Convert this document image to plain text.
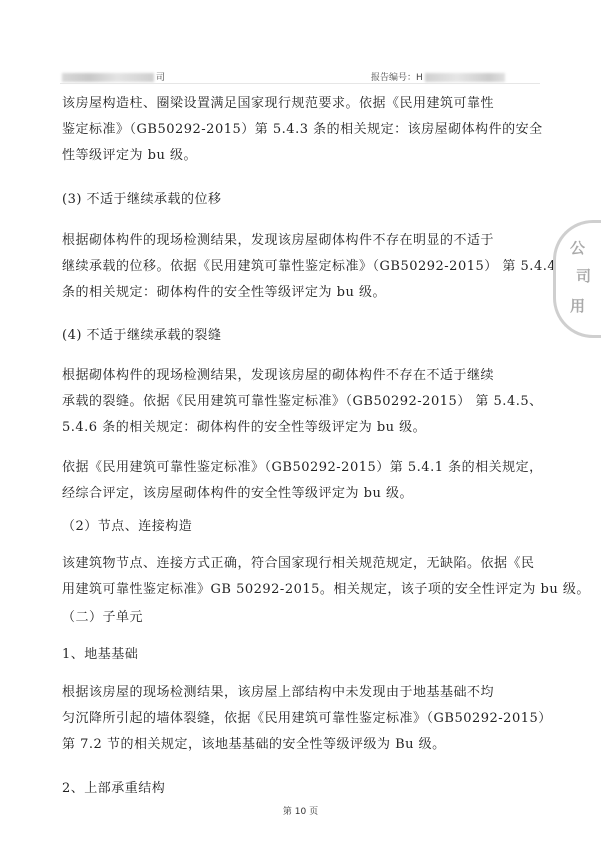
司	报告编号：H
该房屋构造柱、圈梁设置满足国家现行规范要求。依据《民用建筑可靠性
鉴定标准》（GB50292-2015）第 5.4.3 条的相关规定：该房屋砌体构件的安全
性等级评定为 bu 级。
(3) 不适于继续承载的位移
根据砌体构件的现场检测结果，发现该房屋砌体构件不存在明显的不适于
继续承载的位移。依据《民用建筑可靠性鉴定标准》（GB50292-2015） 第 5.4.4
条的相关规定：砌体构件的安全性等级评定为 bu 级。
(4) 不适于继续承载的裂缝
根据砌体构件的现场检测结果，发现该房屋的砌体构件不存在不适于继续
承载的裂缝。依据《民用建筑可靠性鉴定标准》（GB50292-2015） 第 5.4.5、
5.4.6 条的相关规定：砌体构件的安全性等级评定为 bu 级。
依据《民用建筑可靠性鉴定标准》（GB50292-2015）第 5.4.1 条的相关规定，
经综合评定，该房屋砌体构件的安全性等级评定为 bu 级。
（2）节点、连接构造
该建筑物节点、连接方式正确，符合国家现行相关规范规定，无缺陷。依据《民
用建筑可靠性鉴定标准》GB 50292-2015。相关规定，该子项的安全性评定为 bu 级。
（二）子单元
1、地基基础
根据该房屋的现场检测结果，该房屋上部结构中未发现由于地基基础不均
匀沉降所引起的墙体裂缝，依据《民用建筑可靠性鉴定标准》（GB50292-2015）
第 7.2 节的相关规定，该地基基础的安全性等级评级为 Bu 级。
2、上部承重结构
公
司
用
第 10 页
